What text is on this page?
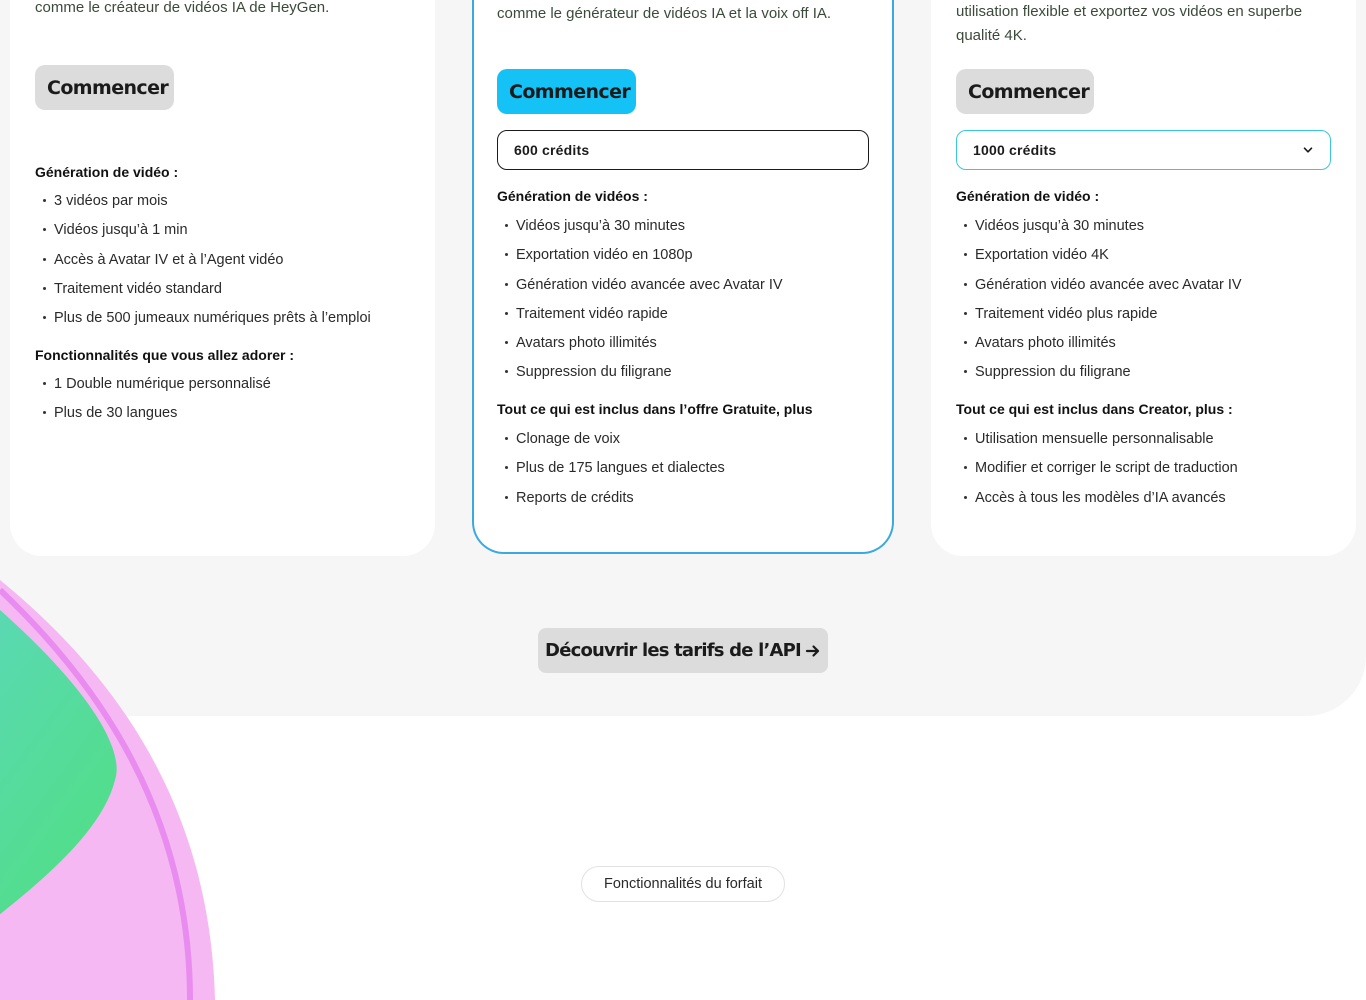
comme le créateur de vidéos IA de HeyGen.
Commencer
Génération de vidéo :
3 vidéos par mois
Vidéos jusqu’à 1 min
Accès à Avatar IV et à l’Agent vidéo
Traitement vidéo standard
Plus de 500 jumeaux numériques prêts à l’emploi
Fonctionnalités que vous allez adorer :
1 Double numérique personnalisé
Plus de 30 langues
comme le générateur de vidéos IA et la voix off IA.
Commencer
600 crédits
Génération de vidéos :
Vidéos jusqu’à 30 minutes
Exportation vidéo en 1080p
Génération vidéo avancée avec Avatar IV
Traitement vidéo rapide
Avatars photo illimités
Suppression du filigrane
Tout ce qui est inclus dans l’offre Gratuite, plus
Clonage de voix
Plus de 175 langues et dialectes
Reports de crédits
utilisation flexible et exportez vos vidéos en superbe
qualité 4K.
Commencer
1000 crédits
Génération de vidéo :
Vidéos jusqu’à 30 minutes
Exportation vidéo 4K
Génération vidéo avancée avec Avatar IV
Traitement vidéo plus rapide
Avatars photo illimités
Suppression du filigrane
Tout ce qui est inclus dans Creator, plus :
Utilisation mensuelle personnalisable
Modifier et corriger le script de traduction
Accès à tous les modèles d’IA avancés
Découvrir les tarifs de l’API
Fonctionnalités du forfait
